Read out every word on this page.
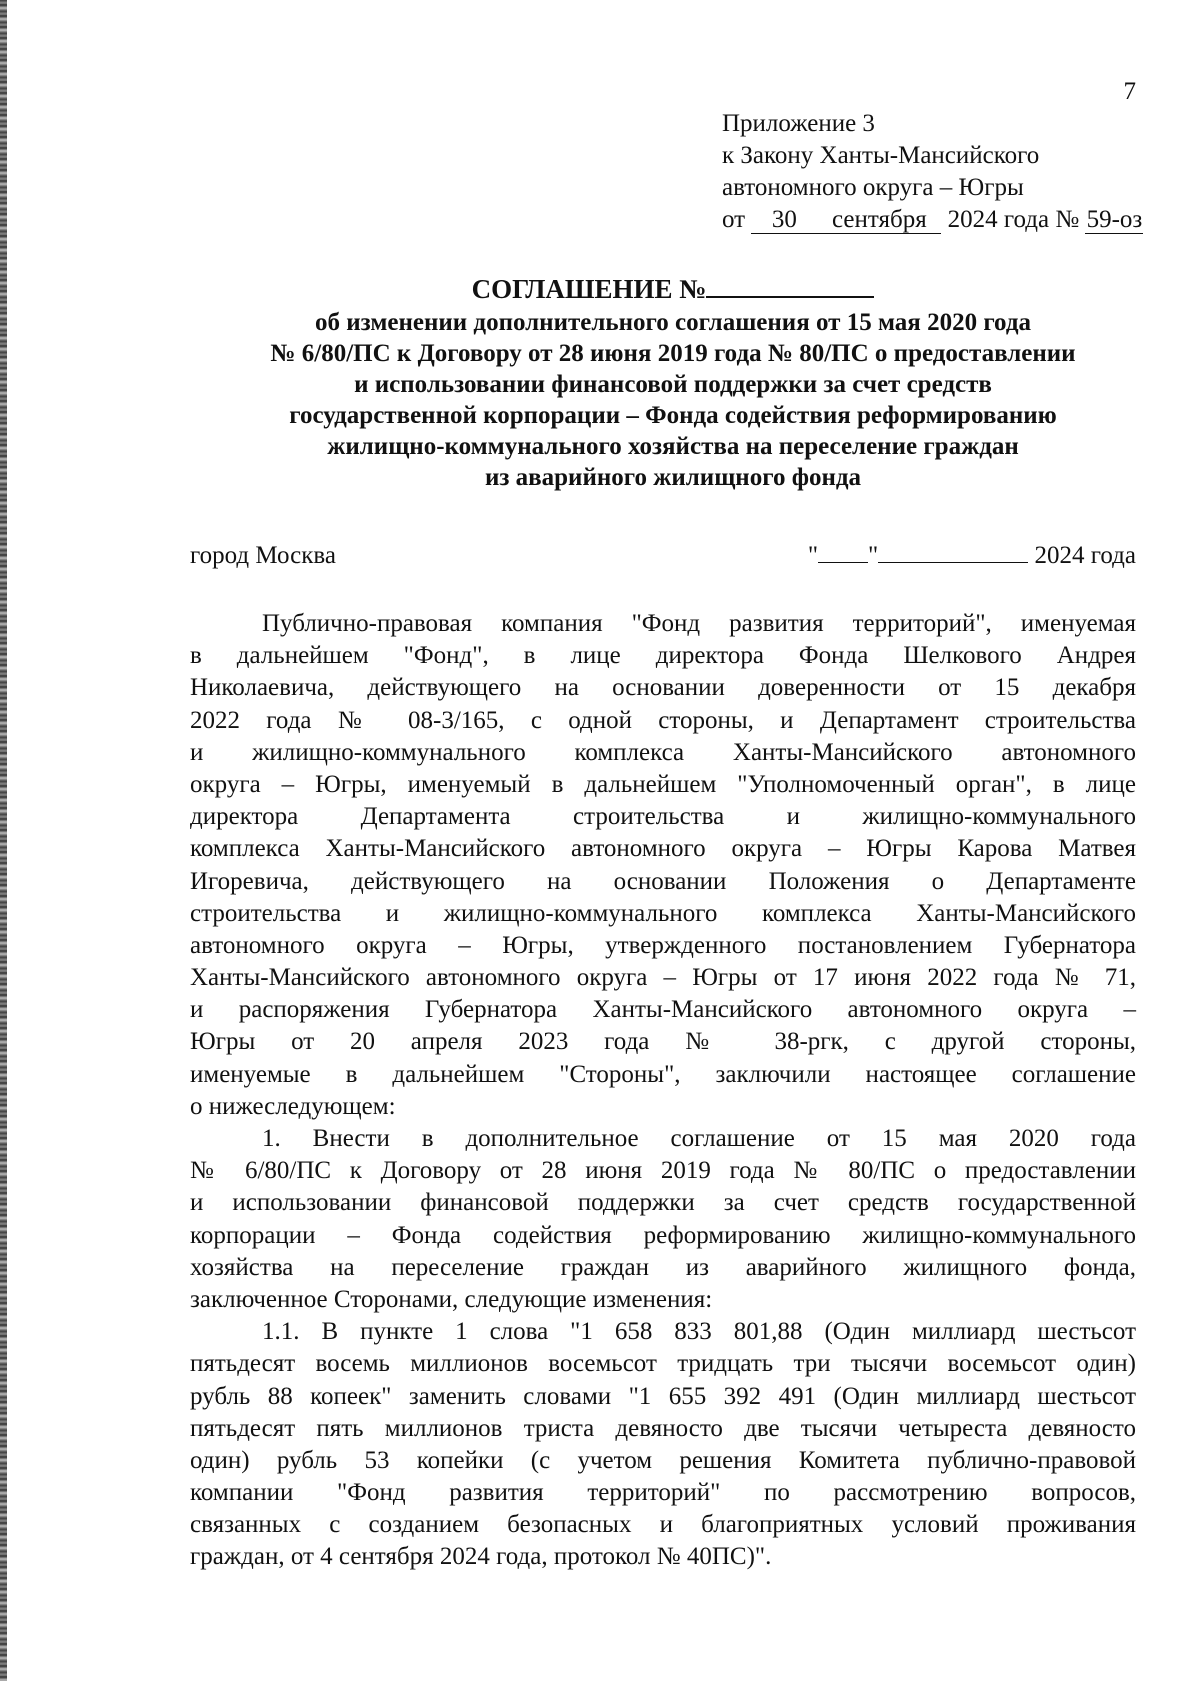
7
Приложение 3
к Закону Ханты-Мансийского
автономного округа – Югры
от 30 сентября 2024 года № 59-оз
СОГЛАШЕНИЕ №
об изменении дополнительного соглашения от 15 мая 2020 года
№ 6/80/ПС к Договору от 28 июня 2019 года № 80/ПС о предоставлении
и использовании финансовой поддержки за счет средств
государственной корпорации – Фонда содействия реформированию
жилищно-коммунального хозяйства на переселение граждан
из аварийного жилищного фонда
город Москва	" "	2024 года
Публично-правовая компания "Фонд развития территорий", именуемая
в дальнейшем "Фонд", в лице директора Фонда Шелкового Андрея
Николаевича, действующего на основании доверенности от 15 декабря
2022 года № 08-3/165, с одной стороны, и Департамент строительства
и жилищно-коммунального комплекса Ханты-Мансийского автономного
округа – Югры, именуемый в дальнейшем "Уполномоченный орган", в лице
директора Департамента строительства и жилищно-коммунального
комплекса Ханты-Мансийского автономного округа – Югры Карова Матвея
Игоревича, действующего на основании Положения о Департаменте
строительства и жилищно-коммунального комплекса Ханты-Мансийского
автономного округа – Югры, утвержденного постановлением Губернатора
Ханты-Мансийского автономного округа – Югры от 17 июня 2022 года № 71,
и распоряжения Губернатора Ханты-Мансийского автономного округа –
Югры от 20 апреля 2023 года № 38-ргк, с другой стороны,
именуемые в дальнейшем "Стороны", заключили настоящее соглашение
о нижеследующем:
1. Внести в дополнительное соглашение от 15 мая 2020 года
№ 6/80/ПС к Договору от 28 июня 2019 года № 80/ПС о предоставлении
и использовании финансовой поддержки за счет средств государственной
корпорации – Фонда содействия реформированию жилищно-коммунального
хозяйства на переселение граждан из аварийного жилищного фонда,
заключенное Сторонами, следующие изменения:
1.1. В пункте 1 слова "1 658 833 801,88 (Один миллиард шестьсот
пятьдесят восемь миллионов восемьсот тридцать три тысячи восемьсот один)
рубль 88 копеек" заменить словами "1 655 392 491 (Один миллиард шестьсот
пятьдесят пять миллионов триста девяносто две тысячи четыреста девяносто
один) рубль 53 копейки (с учетом решения Комитета публично-правовой
компании "Фонд развития территорий" по рассмотрению вопросов,
связанных с созданием безопасных и благоприятных условий проживания
граждан, от 4 сентября 2024 года, протокол № 40ПС)".
